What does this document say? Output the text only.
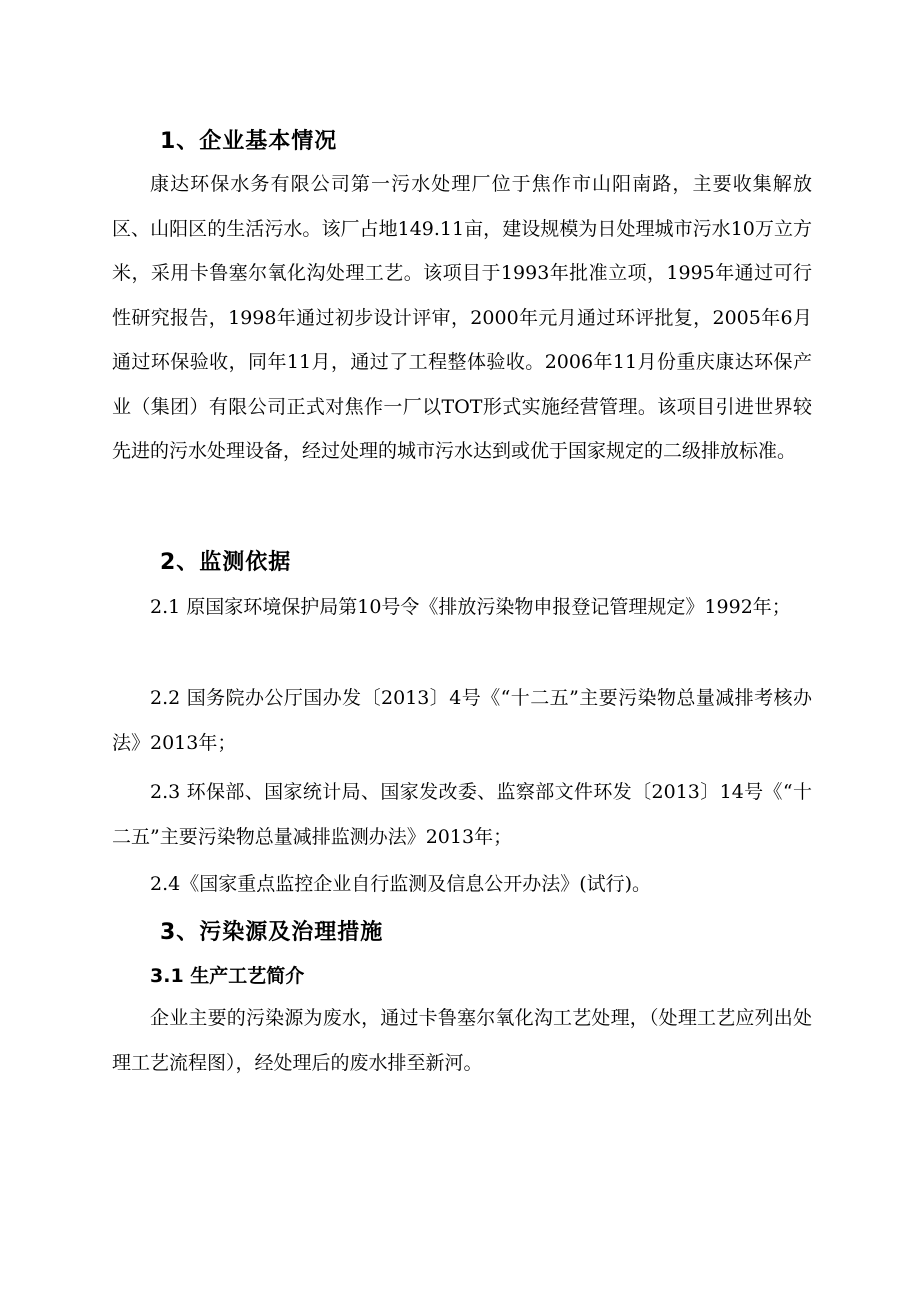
1、企业基本情况

康达环保水务有限公司第一污水处理厂位于焦作市山阳南路，主要收集解放区、山阳区的生活污水。该厂占地149.11亩，建设规模为日处理城市污水10万立方米，采用卡鲁塞尔氧化沟处理工艺。该项目于1993年批准立项，1995年通过可行性研究报告，1998年通过初步设计评审，2000年元月通过环评批复，2005年6月通过环保验收，同年11月，通过了工程整体验收。2006年11月份重庆康达环保产业（集团）有限公司正式对焦作一厂以TOT形式实施经营管理。该项目引进世界较先进的污水处理设备，经过处理的城市污水达到或优于国家规定的二级排放标准。

2、监测依据

2.1 原国家环境保护局第10号令《排放污染物申报登记管理规定》1992年；

2.2 国务院办公厅国办发〔2013〕4号《“十二五”主要污染物总量减排考核办法》2013年；

2.3 环保部、国家统计局、国家发改委、监察部文件环发〔2013〕14号《“十二五”主要污染物总量减排监测办法》2013年；

2.4《国家重点监控企业自行监测及信息公开办法》(试行)。

3、污染源及治理措施
3.1 生产工艺简介

企业主要的污染源为废水，通过卡鲁塞尔氧化沟工艺处理，（处理工艺应列出处理工艺流程图），经处理后的废水排至新河。
